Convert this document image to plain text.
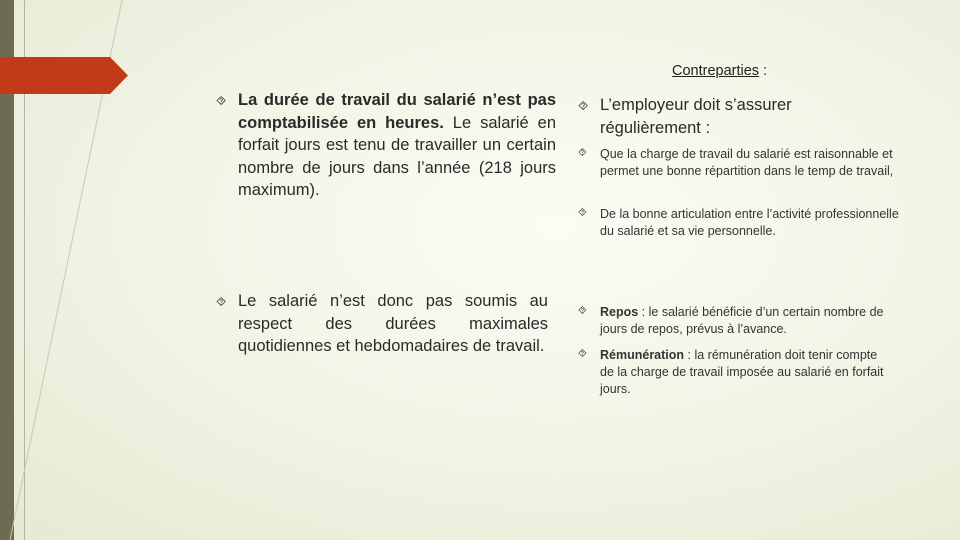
Contreparties :
⯑ La durée de travail du salarié n’est pas comptabilisée en heures. Le salarié en forfait jours est tenu de travailler un certain nombre de jours dans l’année (218 jours maximum).
⯑ Le salarié n’est donc pas soumis au respect des durées maximales quotidiennes et hebdomadaires de travail.
⯑ L’employeur doit s’assurer régulièrement :
⯑ Que la charge de travail du salarié est raisonnable et permet une bonne répartition dans le temp de travail,
⯑ De la bonne articulation entre l’activité professionnelle du salarié et sa vie personnelle.
⯑ Repos : le salarié bénéficie d’un certain nombre de jours de repos, prévus à l’avance.
⯑ Rémunération : la rémunération doit tenir compte de la charge de travail imposée au salarié en forfait jours.
